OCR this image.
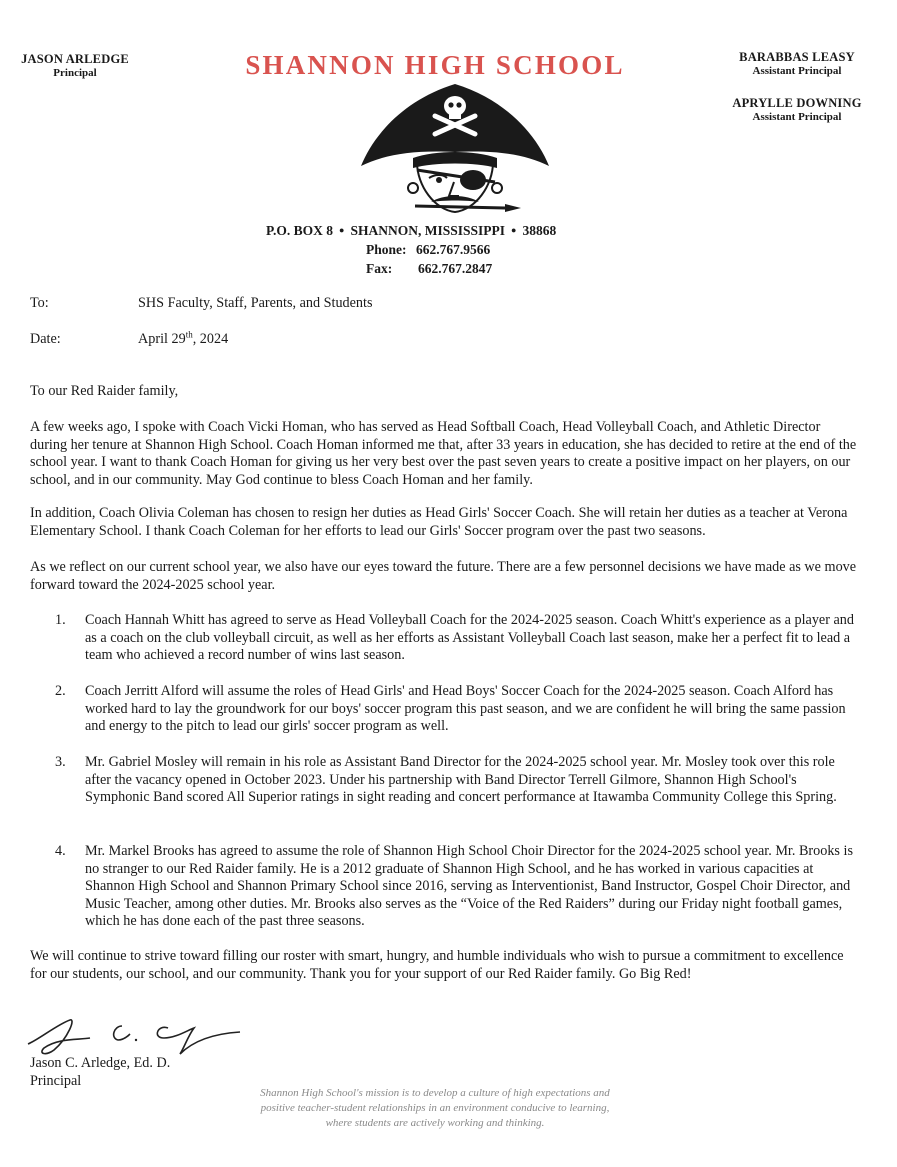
JASON ARLEDGE
Principal
BARABBAS LEASY
Assistant Principal
APRYLLE DOWNING
Assistant Principal
SHANNON HIGH SCHOOL
P.O. BOX 8 ● SHANNON, MISSISSIPPI ● 38868
Phone: 662.767.9566
Fax: 662.767.2847
To:	SHS Faculty, Staff, Parents, and Students
Date:	April 29th, 2024
To our Red Raider family,
A few weeks ago, I spoke with Coach Vicki Homan, who has served as Head Softball Coach, Head Volleyball Coach, and Athletic Director during her tenure at Shannon High School. Coach Homan informed me that, after 33 years in education, she has decided to retire at the end of the school year. I want to thank Coach Homan for giving us her very best over the past seven years to create a positive impact on her players, on our school, and in our community. May God continue to bless Coach Homan and her family.
In addition, Coach Olivia Coleman has chosen to resign her duties as Head Girls' Soccer Coach. She will retain her duties as a teacher at Verona Elementary School. I thank Coach Coleman for her efforts to lead our Girls' Soccer program over the past two seasons.
As we reflect on our current school year, we also have our eyes toward the future. There are a few personnel decisions we have made as we move forward toward the 2024-2025 school year.
1.	Coach Hannah Whitt has agreed to serve as Head Volleyball Coach for the 2024-2025 season. Coach Whitt's experience as a player and as a coach on the club volleyball circuit, as well as her efforts as Assistant Volleyball Coach last season, make her a perfect fit to lead a team who achieved a record number of wins last season.
2.	Coach Jerritt Alford will assume the roles of Head Girls' and Head Boys' Soccer Coach for the 2024-2025 season. Coach Alford has worked hard to lay the groundwork for our boys' soccer program this past season, and we are confident he will bring the same passion and energy to the pitch to lead our girls' soccer program as well.
3.	Mr. Gabriel Mosley will remain in his role as Assistant Band Director for the 2024-2025 school year. Mr. Mosley took over this role after the vacancy opened in October 2023. Under his partnership with Band Director Terrell Gilmore, Shannon High School's Symphonic Band scored All Superior ratings in sight reading and concert performance at Itawamba Community College this Spring.
4.	Mr. Markel Brooks has agreed to assume the role of Shannon High School Choir Director for the 2024-2025 school year. Mr. Brooks is no stranger to our Red Raider family. He is a 2012 graduate of Shannon High School, and he has worked in various capacities at Shannon High School and Shannon Primary School since 2016, serving as Interventionist, Band Instructor, Gospel Choir Director, and Music Teacher, among other duties. Mr. Brooks also serves as the “Voice of the Red Raiders” during our Friday night football games, which he has done each of the past three seasons.
We will continue to strive toward filling our roster with smart, hungry, and humble individuals who wish to pursue a commitment to excellence for our students, our school, and our community. Thank you for your support of our Red Raider family. Go Big Red!
Jason C. Arledge, Ed. D.
Principal
Shannon High School's mission is to develop a culture of high expectations and
positive teacher-student relationships in an environment conducive to learning,
where students are actively working and thinking.
